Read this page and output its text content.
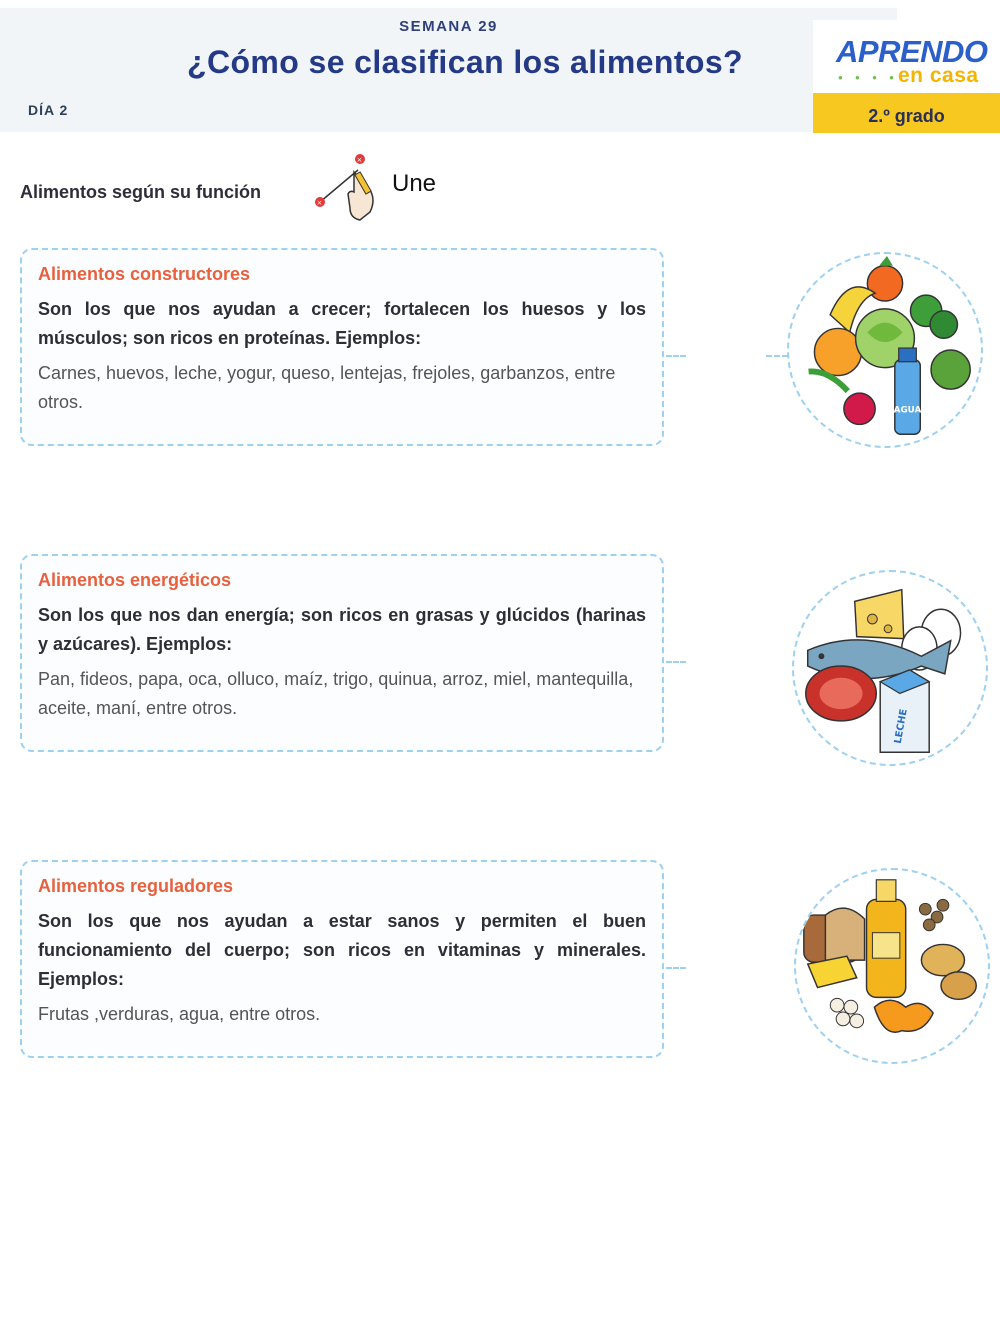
SEMANA 29
¿Cómo se clasifican los alimentos?
DÍA 2
APRENDO
● ● ● ● en casa
2.º grado
Alimentos según su función
×
×
Une
Alimentos constructores

Son los que nos ayudan a crecer; fortalecen los huesos y los músculos; son ricos en proteínas. Ejemplos:

Carnes, huevos, leche, yogur, queso, lentejas, frejoles, garbanzos, entre otros.

Alimentos energéticos

Son los que nos dan energía; son ricos en grasas y glúcidos (harinas y azúcares). Ejemplos:

Pan, fideos, papa, oca, olluco, maíz, trigo, quinua, arroz, miel, mantequilla, aceite, maní, entre otros.

Alimentos reguladores

Son los que nos ayudan a estar sanos y permiten el buen funcionamiento del cuerpo; son ricos en vitaminas y minerales. Ejemplos:

Frutas ,verduras, agua, entre otros.

AGUA
LECHE
